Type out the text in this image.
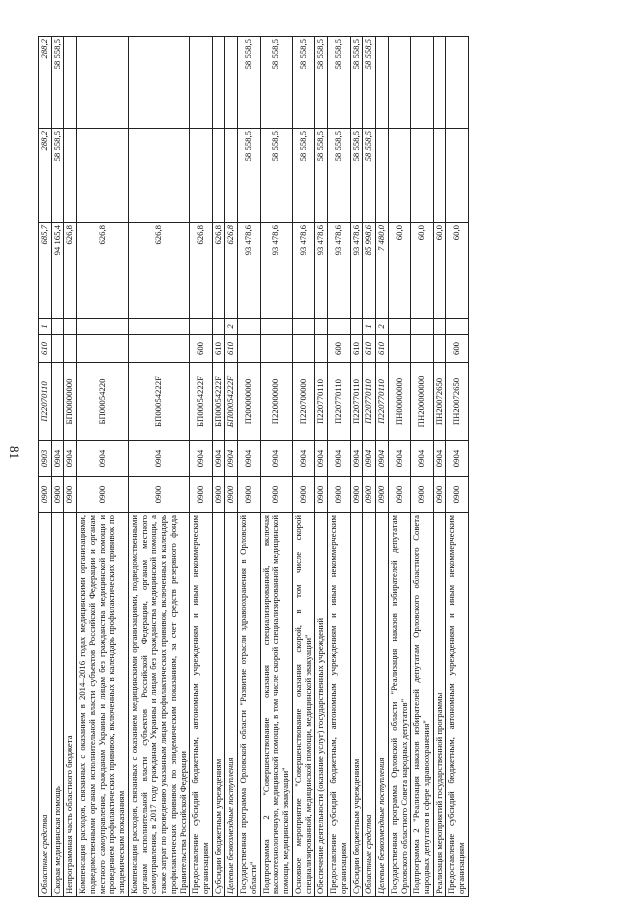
81
Областные средства	0900	0903	П22070110	610	1	685,7	288,2	288,2
Скорая медицинская помощь	0900	0904				94 165,4	58 558,5	58 558,5
Непрограммная часть областного бюджета	0900	0904	БП00000000			626,8		
Компенсация расходов, связанных с оказанием в 2014–2016 годах медицинскими организациями, подведомственными органам исполнительной власти субъектов Российской Федерации и органам местного самоуправления, гражданам Украины и лицам без гражданства медицинской помощи и проведением профилактических прививок, включенных в календарь профилактических прививок по эпидемическим показаниям	0900	0904	БП00054220			626,8		
Компенсация расходов, связанных с оказанием медицинскими организациями, подведомственными органам исполнительной власти субъектов Российской Федерации, органам местного самоуправления, в 2017 году гражданам Украины и лицам без гражданства медицинской помощи, а также затрат по проведению указанным лицам профилактических прививок, включенных в календарь профилактических прививок по эпидемическим показаниям, за счет средств резервного фонда Правительства Российской Федерации	0900	0904	БП00054222F			626,8		
Предоставление субсидий бюджетным, автономным учреждениям и иным некоммерческим организациям	0900	0904	БП00054222F	600		626,8		
Субсидии бюджетным учреждениям	0900	0904	БП00054222F	610		626,8		
Целевые безвозмездные поступления	0900	0904	БП00054222F	610	2	626,8		
Государственная программа Орловской области "Развитие отрасли здравоохранения в Орловской области"	0900	0904	П200000000			93 478,6	58 558,5	58 558,5
Подпрограмма 2 "Совершенствование оказания специализированной, включая высокотехнологичную, медицинской помощи, в том числе скорой специализированной медицинской помощи, медицинской эвакуации"	0900	0904	П220000000			93 478,6	58 558,5	58 558,5
Основное мероприятие "Совершенствование оказания скорой, в том числе скорой специализированной, медицинской помощи, медицинской эвакуации"	0900	0904	П220700000			93 478,6	58 558,5	58 558,5
Обеспечение деятельности (оказание услуг) государственных учреждений	0900	0904	П220770110			93 478,6	58 558,5	58 558,5
Предоставление субсидий бюджетным, автономным учреждениям и иным некоммерческим организациям	0900	0904	П220770110	600		93 478,6	58 558,5	58 558,5
Субсидии бюджетным учреждениям	0900	0904	П220770110	610		93 478,6	58 558,5	58 558,5
Областные средства	0900	0904	П220770110	610	1	85 998,6	58 558,5	58 558,5
Целевые безвозмездные поступления	0900	0904	П220770110	610	2	7 480,0		
Государственная программа Орловской области "Реализация наказов избирателей депутатам Орловского областного Совета народных депутатов"	0900	0904	ПН00000000			60,0		
Подпрограмма 2 "Реализация наказов избирателей депутатам Орловского областного Совета народных депутатов в сфере здравоохранения"	0900	0904	ПН200000000			60,0		
Реализация мероприятий государственной программы	0900	0904	ПН20072650			60,0		
Предоставление субсидий бюджетным, автономным учреждениям и иным некоммерческим организациям	0900	0904	ПН20072650	600		60,0		
